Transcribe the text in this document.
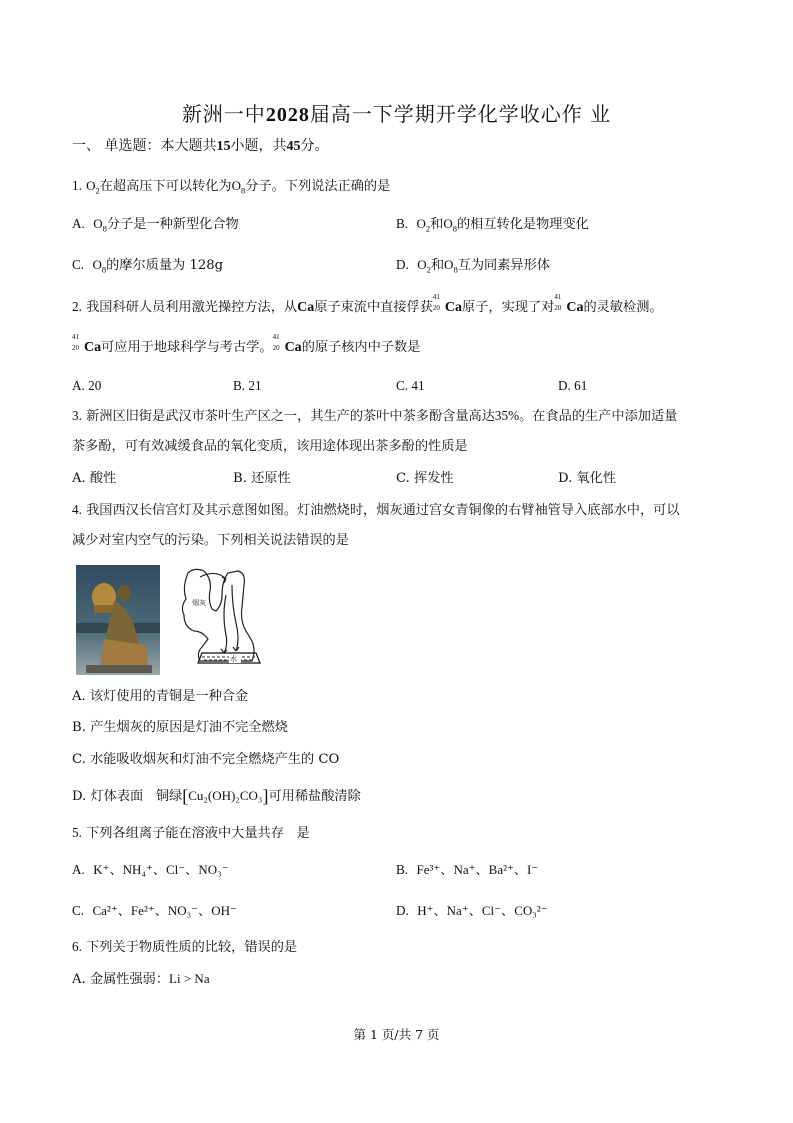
新洲一中2028届高一下学期开学化学收心作 业
一、 单选题：本大题共15小题，共45分。
1. $O_2$在超高压下可以转化为$O_8$分子。下列说法正确的是
A. $O_8$分子是一种新型化合物	B. $O_2$和$O_8$的相互转化是物理变化
C. $O_8$的摩尔质量为 128g	D. $O_2$和$O_8$互为同素异形体
2. 我国科研人员利用激光操控方法，从Ca原子束流中直接俘获
41
20 Ca原子，实现了对
41
20 Ca的灵敏检测。
41
20 Ca可应用于地球科学与考古学。
41
20 Ca的原子核内中子数是
A. 20	B. 21	C. 41	D. 61
3. 新洲区旧街是武汉市茶叶生产区之一，其生产的茶叶中茶多酚含量高达35%。在食品的生产中添加适量
茶多酚，可有效减缓食品的氧化变质，该用途体现出茶多酚的性质是
A. 酸性	B. 还原性	C. 挥发性	D. 氧化性
4. 我国西汉长信宫灯及其示意图如图。灯油燃烧时，烟灰通过宫女青铜像的右臂袖管导入底部水中，可以
减少对室内空气的污染。下列相关说法错误的是
烟灰
水
A. 该灯使用的青铜是一种合金
B. 产生烟灰的原因是灯油不完全燃烧
C. 水能吸收烟灰和灯油不完全燃烧产生的 CO
D. 灯体表面 铜绿[Cu₂(OH)₂CO₃]可用稀盐酸清除
5. 下列各组离子能在溶液中大量共存 是
A. K⁺、NH₄⁺、Cl⁻、NO₃⁻	B. Fe³⁺、Na⁺、Ba²⁺、I⁻
C. Ca²⁺、Fe²⁺、NO₃⁻、OH⁻	D. H⁺、Na⁺、Cl⁻、CO₃²⁻
6. 下列关于物质性质的比较，错误的是
A. 金属性强弱：Li > Na
第 1 页/共 7 页
